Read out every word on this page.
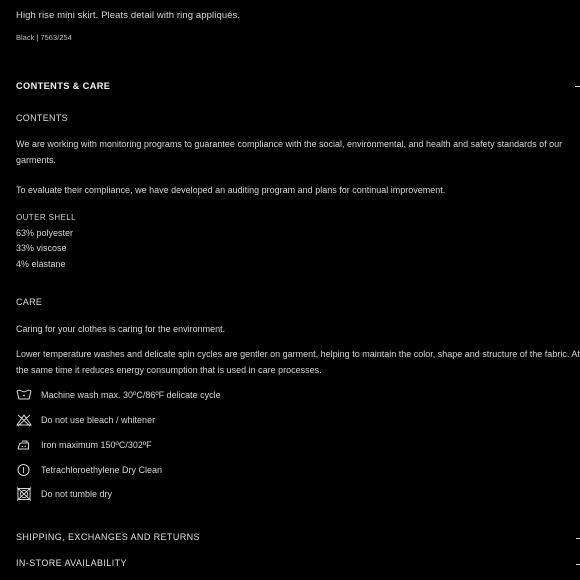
High rise mini skirt. Pleats detail with ring appliqués.
Black | 7563/254
CONTENTS & CARE
CONTENTS
We are working with monitoring programs to guarantee compliance with the social, environmental, and health and safety standards of our garments.
To evaluate their compliance, we have developed an auditing program and plans for continual improvement.
OUTER SHELL
63% polyester
33% viscose
4% elastane
CARE
Caring for your clothes is caring for the environment.
Lower temperature washes and delicate spin cycles are gentler on garment, helping to maintain the color, shape and structure of the fabric. At the same time it reduces energy consumption that is used in care processes.
Machine wash max. 30ºC/86ºF delicate cycle
Do not use bleach / whitener
Iron maximum 150ºC/302ºF
Tetrachloroethylene Dry Clean
Do not tumble dry
SHIPPING, EXCHANGES AND RETURNS
IN-STORE AVAILABILITY
